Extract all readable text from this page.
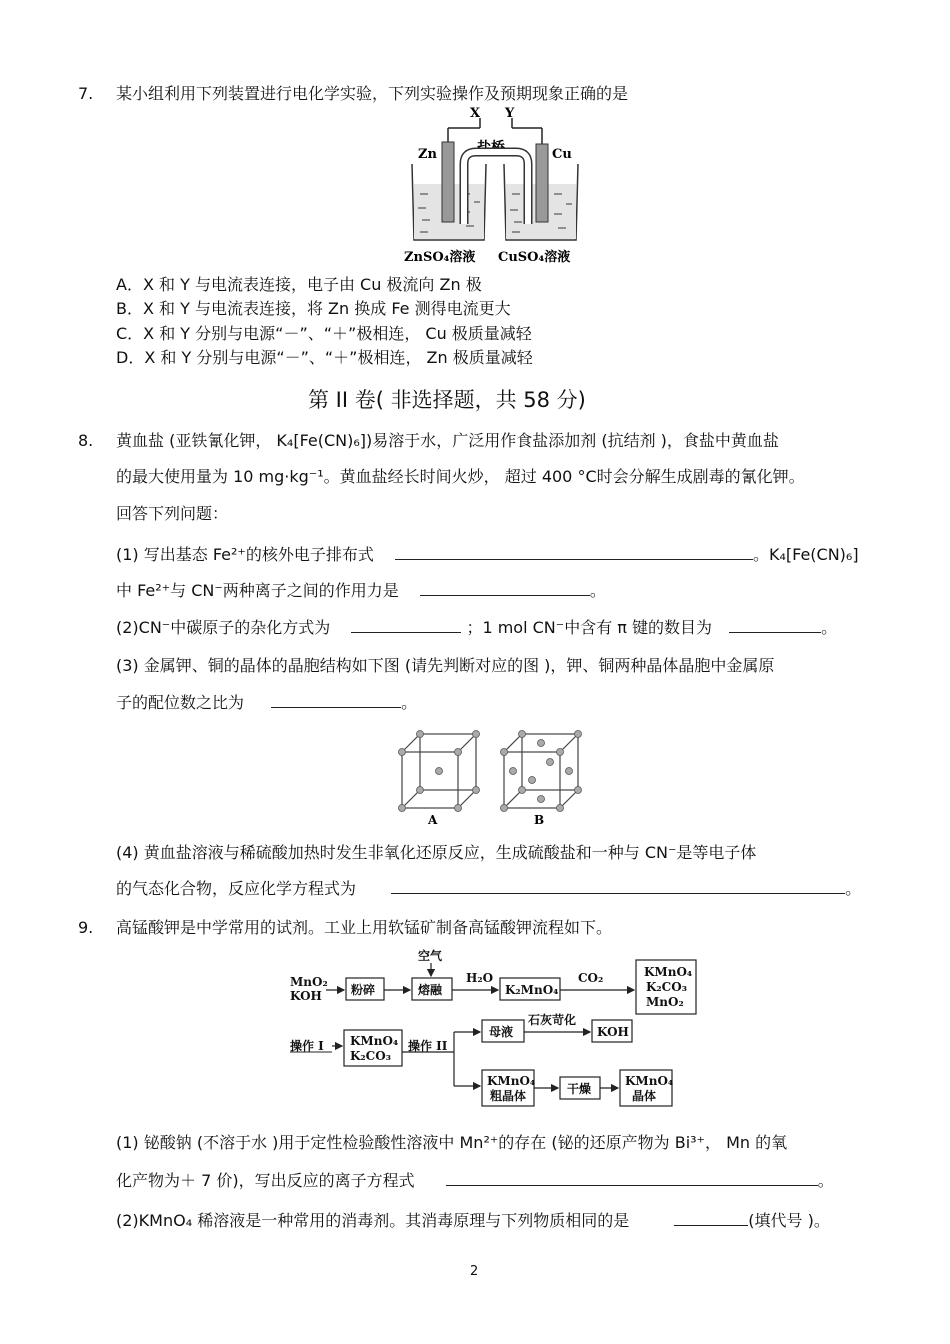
7. 某小组利用下列装置进行电化学实验，下列实验操作及预期现象正确的是
X Y
盐桥
Zn	Cu
ZnSO₄溶液 CuSO₄溶液
A．X 和 Y 与电流表连接，电子由 Cu 极流向 Zn 极
B．X 和 Y 与电流表连接，将 Zn 换成 Fe 测得电流更大
C．X 和 Y 分别与电源“－”、“＋”极相连， Cu 极质量减轻
D．X 和 Y 分别与电源“－”、“＋”极相连， Zn 极质量减轻
第 II 卷( 非选择题，共 58 分)
8. 黄血盐 (亚铁氰化钾， K₄[Fe(CN)₆])易溶于水，广泛用作食盐添加剂 (抗结剂 )，食盐中黄血盐
的最大使用量为 10 mg·kg⁻¹。黄血盐经长时间火炒， 超过 400 °C时会分解生成剧毒的氰化钾。
回答下列问题：
(1) 写出基态 Fe²⁺的核外电子排布式	。K₄[Fe(CN)₆]
中 Fe²⁺与 CN⁻两种离子之间的作用力是	。
(2)CN⁻中碳原子的杂化方式为	；1 mol CN⁻中含有 π 键的数目为	。
(3) 金属钾、铜的晶体的晶胞结构如下图 (请先判断对应的图 )，钾、铜两种晶体晶胞中金属原
子的配位数之比为	。
A	B
(4) 黄血盐溶液与稀硫酸加热时发生非氧化还原反应，生成硫酸盐和一种与 CN⁻是等电子体
的气态化合物，反应化学方程式为	。
9. 高锰酸钾是中学常用的试剂。工业上用软锰矿制备高锰酸钾流程如下。
MnO₂
KOH 粉碎
空气
熔融
H₂O
K₂MnO₄
CO₂	KMnO₄
K₂CO₃
MnO₂
操作 I KMnO₄
K₂CO₃
操作 II
母液
石灰苛化
KOH
KMnO₄
粗晶体	干燥
KMnO₄
晶体
(1) 铋酸钠 (不溶于水 )用于定性检验酸性溶液中 Mn²⁺的存在 (铋的还原产物为 Bi³⁺， Mn 的氧
化产物为＋ 7 价)，写出反应的离子方程式	。
(2)KMnO₄ 稀溶液是一种常用的消毒剂。其消毒原理与下列物质相同的是	(填代号 )。
2
